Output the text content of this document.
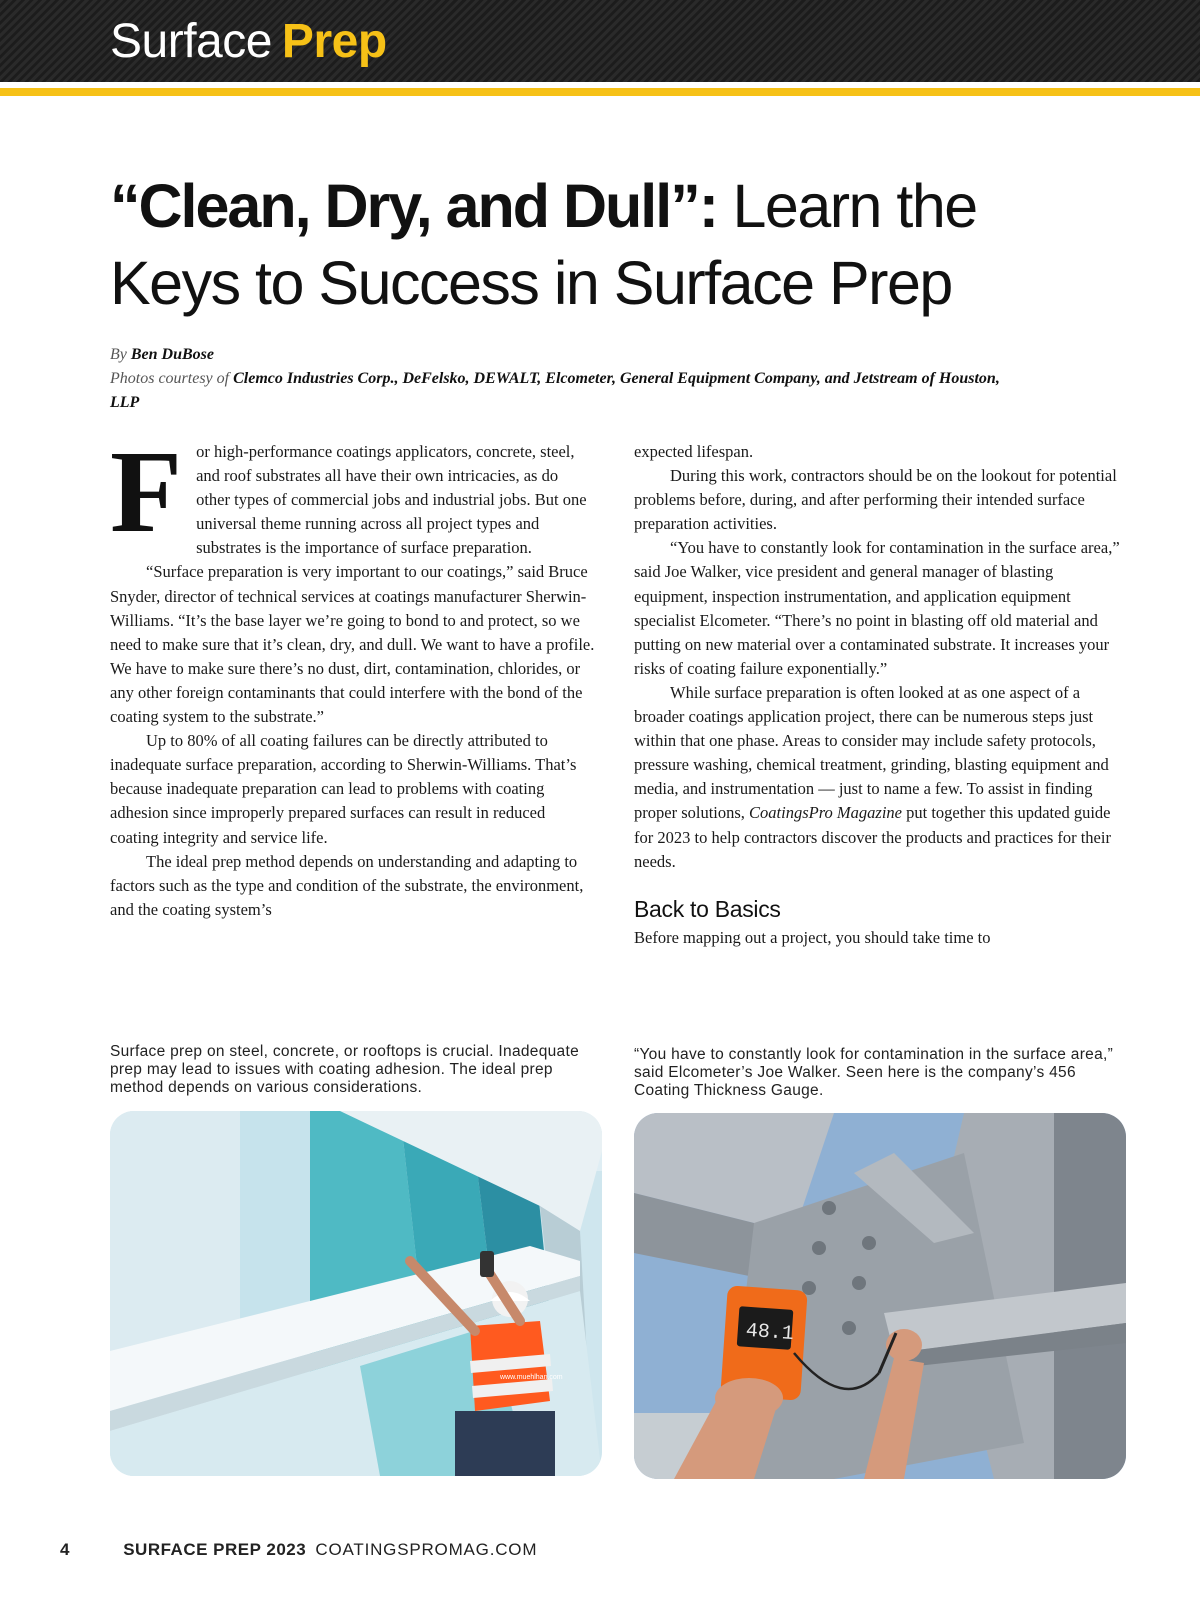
Surface Prep
“Clean, Dry, and Dull”: Learn the Keys to Success in Surface Prep
By Ben DuBose
Photos courtesy of Clemco Industries Corp., DeFelsko, DEWALT, Elcometer, General Equipment Company, and Jetstream of Houston, LLP

For high-performance coatings applicators, concrete, steel, and roof substrates all have their own intricacies, as do other types of commercial jobs and industrial jobs. But one universal theme running across all project types and substrates is the importance of surface preparation.

“Surface preparation is very important to our coatings,” said Bruce Snyder, director of technical services at coatings manufacturer Sherwin-Williams. “It’s the base layer we’re going to bond to and protect, so we need to make sure that it’s clean, dry, and dull. We want to have a profile. We have to make sure there’s no dust, dirt, contamination, chlorides, or any other foreign contaminants that could interfere with the bond of the coating system to the substrate.”

Up to 80% of all coating failures can be directly attributed to inadequate surface preparation, according to Sherwin-Williams. That’s because inadequate preparation can lead to problems with coating adhesion since improperly prepared surfaces can result in reduced coating integrity and service life.

The ideal prep method depends on understanding and adapting to factors such as the type and condition of the substrate, the environment, and the coating system’s

expected lifespan.

During this work, contractors should be on the lookout for potential problems before, during, and after performing their intended surface preparation activities.

“You have to constantly look for contamination in the surface area,” said Joe Walker, vice president and general manager of blasting equipment, inspection instrumentation, and application equipment specialist Elcometer. “There’s no point in blasting off old material and putting on new material over a contaminated substrate. It increases your risks of coating failure exponentially.”

While surface preparation is often looked at as one aspect of a broader coatings application project, there can be numerous steps just within that one phase. Areas to consider may include safety protocols, pressure washing, chemical treatment, grinding, blasting equipment and media, and instrumentation — just to name a few. To assist in finding proper solutions, CoatingsPro Magazine put together this updated guide for 2023 to help contractors discover the products and practices for their needs.

Back to Basics

Before mapping out a project, you should take time to

Surface prep on steel, concrete, or rooftops is crucial. Inadequate prep may lead to issues with coating adhesion. The ideal prep method depends on various considerations.
“You have to constantly look for contamination in the surface area,” said Elcometer’s Joe Walker. Seen here is the company’s 456 Coating Thickness Gauge.
www.muehlhan.com
48.1
4	SURFACE PREP 2023 COATINGSPROMAG.COM
